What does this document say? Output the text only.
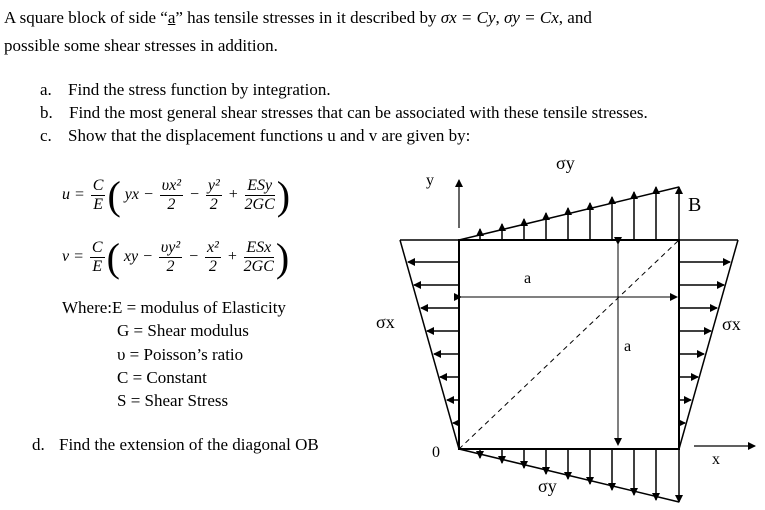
A square block of side “a” has tensile stresses in it described by σx = Cy, σy = Cx, and
possible some shear stresses in addition.
a. Find the stress function by integration.
b. Find the most general shear stresses that can be associated with these tensile stresses.
c. Show that the displacement functions u and v are given by:
$u = \frac{C}{E}$ ( yx − $\frac{\text{υx²}}{2} - \frac{\text{y²}}{2} + \frac{\text{ESy}}{2GC}$ )
$v = \frac{C}{E}$ ( xy − $\frac{\text{υy²}}{2} - \frac{\text{x²}}{2} + \frac{\text{ESx}}{2GC}$ )
Where:E = modulus of Elasticity
G = Shear modulus
υ = Poisson’s ratio
C = Constant
S = Shear Stress
d. Find the extension of the diagonal OB
y
x
0
B
σy
σy
σx	σx
a
a
